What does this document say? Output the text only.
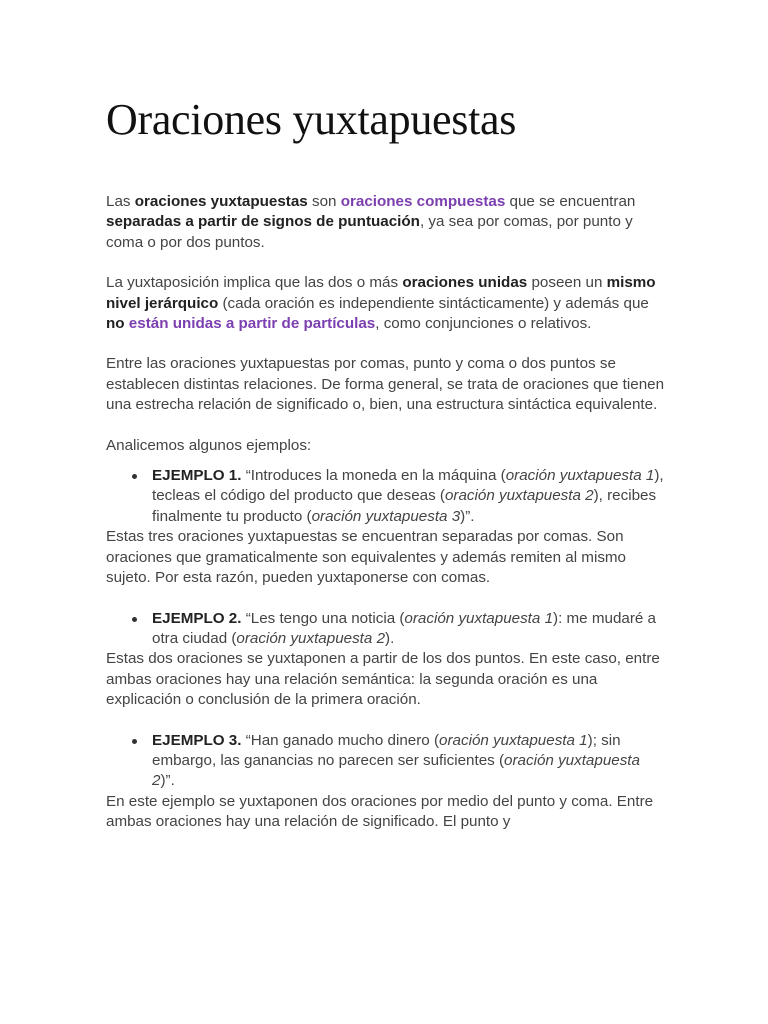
Oraciones yuxtapuestas

Las oraciones yuxtapuestas son oraciones compuestas que se encuentran separadas a partir de signos de puntuación, ya sea por comas, por punto y coma o por dos puntos.

La yuxtaposición implica que las dos o más oraciones unidas poseen un mismo nivel jerárquico (cada oración es independiente sintácticamente) y además que no están unidas a partir de partículas, como conjunciones o relativos.

Entre las oraciones yuxtapuestas por comas, punto y coma o dos puntos se establecen distintas relaciones. De forma general, se trata de oraciones que tienen una estrecha relación de significado o, bien, una estructura sintáctica equivalente.

Analicemos algunos ejemplos:

EJEMPLO 1. “Introduces la moneda en la máquina (oración yuxtapuesta 1), tecleas el código del producto que deseas (oración yuxtapuesta 2), recibes finalmente tu producto (oración yuxtapuesta 3)”.

Estas tres oraciones yuxtapuestas se encuentran separadas por comas. Son oraciones que gramaticalmente son equivalentes y además remiten al mismo sujeto. Por esta razón, pueden yuxtaponerse con comas.

EJEMPLO 2. “Les tengo una noticia (oración yuxtapuesta 1): me mudaré a otra ciudad (oración yuxtapuesta 2).

Estas dos oraciones se yuxtaponen a partir de los dos puntos. En este caso, entre ambas oraciones hay una relación semántica: la segunda oración es una explicación o conclusión de la primera oración.

EJEMPLO 3. “Han ganado mucho dinero (oración yuxtapuesta 1); sin embargo, las ganancias no parecen ser suficientes (oración yuxtapuesta 2)”.

En este ejemplo se yuxtaponen dos oraciones por medio del punto y coma. Entre ambas oraciones hay una relación de significado. El punto y
